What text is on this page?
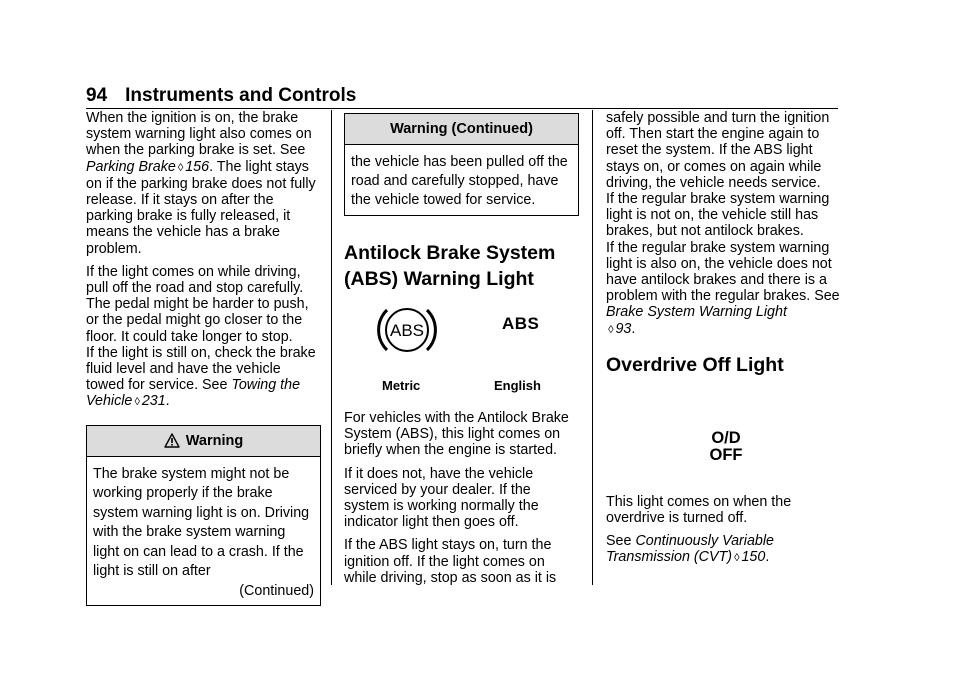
94 Instruments and Controls

When the ignition is on, the brake system warning light also comes on when the parking brake is set. See Parking Brake ◊ 156. The light stays on if the parking brake does not fully release. If it stays on after the parking brake is fully released, it means the vehicle has a brake problem.

If the light comes on while driving, pull off the road and stop carefully. The pedal might be harder to push, or the pedal might go closer to the floor. It could take longer to stop.

If the light is still on, check the brake fluid level and have the vehicle towed for service. See Towing the Vehicle ◊ 231.

Warning
The brake system might not be working properly if the brake system warning light is on. Driving with the brake system warning light on can lead to a crash. If the light is still on after
(Continued)
Warning (Continued)
the vehicle has been pulled off the road and carefully stopped, have the vehicle towed for service.
Antilock Brake System (ABS) Warning Light
ABS	ABS
Metric	English

For vehicles with the Antilock Brake System (ABS), this light comes on briefly when the engine is started.

If it does not, have the vehicle serviced by your dealer. If the system is working normally the indicator light then goes off.

If the ABS light stays on, turn the ignition off. If the light comes on while driving, stop as soon as it is

safely possible and turn the ignition off. Then start the engine again to reset the system. If the ABS light stays on, or comes on again while driving, the vehicle needs service.

If the regular brake system warning light is not on, the vehicle still has brakes, but not antilock brakes.

If the regular brake system warning light is also on, the vehicle does not have antilock brakes and there is a problem with the regular brakes. See Brake System Warning Light
◊ 93.

Overdrive Off Light
O/D
OFF

This light comes on when the overdrive is turned off.

See Continuously Variable Transmission (CVT) ◊ 150.
